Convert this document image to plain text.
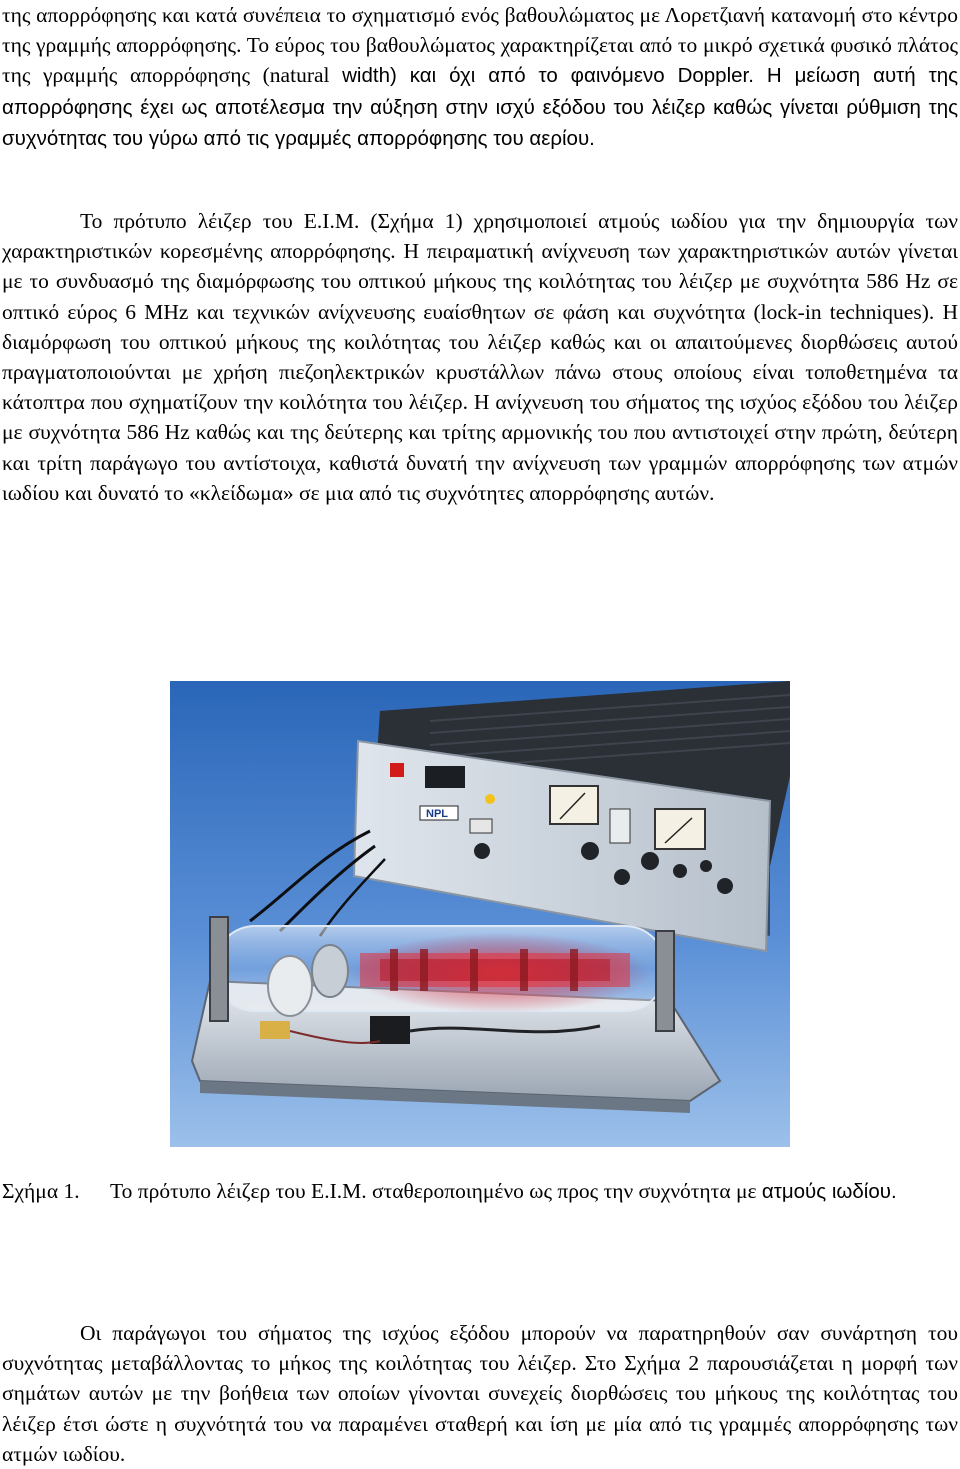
της απορρόφησης και κατά συνέπεια το σχηματισμό ενός βαθουλώματος με Λορετζιανή κατανομή στο κέντρο της γραμμής απορρόφησης. Το εύρος του βαθουλώματος χαρακτηρίζεται από το μικρό σχετικά φυσικό πλάτος της γραμμής απορρόφησης (natural width) και όχι από το φαινόμενο Doppler. Η μείωση αυτή της απορρόφησης έχει ως αποτέλεσμα την αύξηση στην ισχύ εξόδου του λέιζερ καθώς γίνεται ρύθμιση της συχνότητας του γύρω από τις γραμμές απορρόφησης του αερίου.

Το πρότυπο λέιζερ του Ε.Ι.Μ. (Σχήμα 1) χρησιμοποιεί ατμούς ιωδίου για την δημιουργία των χαρακτηριστικών κορεσμένης απορρόφησης. Η πειραματική ανίχνευση των χαρακτηριστικών αυτών γίνεται με το συνδυασμό της διαμόρφωσης του οπτικού μήκους της κοιλότητας του λέιζερ με συχνότητα 586 Hz σε οπτικό εύρος 6 MHz και τεχνικών ανίχνευσης ευαίσθητων σε φάση και συχνότητα (lock-in techniques). Η διαμόρφωση του οπτικού μήκους της κοιλότητας του λέιζερ καθώς και οι απαιτούμενες διορθώσεις αυτού πραγματοποιούνται με χρήση πιεζοηλεκτρικών κρυστάλλων πάνω στους οποίους είναι τοποθετημένα τα κάτοπτρα που σχηματίζουν την κοιλότητα του λέιζερ. Η ανίχνευση του σήματος της ισχύος εξόδου του λέιζερ με συχνότητα 586 Hz καθώς και της δεύτερης και τρίτης αρμονικής του που αντιστοιχεί στην πρώτη, δεύτερη και τρίτη παράγωγο του αντίστοιχα, καθιστά δυνατή την ανίχνευση των γραμμών απορρόφησης των ατμών ιωδίου και δυνατό το «κλείδωμα» σε μια από τις συχνότητες απορρόφησης αυτών.

NPL
Σχήμα 1. Το πρότυπο λέιζερ του Ε.Ι.Μ. σταθεροποιημένο ως προς την συχνότητα με ατμούς ιωδίου.

Οι παράγωγοι του σήματος της ισχύος εξόδου μπορούν να παρατηρηθούν σαν συνάρτηση του συχνότητας μεταβάλλοντας το μήκος της κοιλότητας του λέιζερ. Στο Σχήμα 2 παρουσιάζεται η μορφή των σημάτων αυτών με την βοήθεια των οποίων γίνονται συνεχείς διορθώσεις του μήκους της κοιλότητας του λέιζερ έτσι ώστε η συχνότητά του να παραμένει σταθερή και ίση με μία από τις γραμμές απορρόφησης των ατμών ιωδίου.
